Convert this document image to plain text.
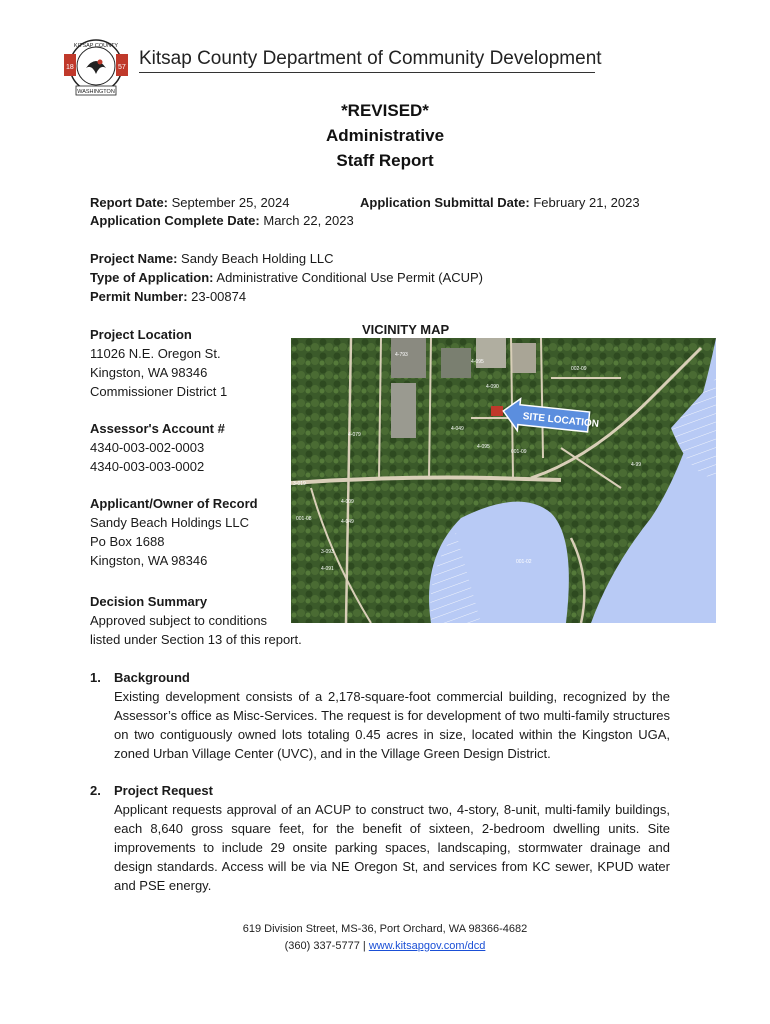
18	57
KITSAP COUNTY
WASHINGTON
Kitsap County Department of Community Development
*REVISED*
Administrative
Staff Report
Report Date: September 25, 2024	Application Submittal Date: February 21, 2023
Application Complete Date: March 22, 2023
Project Name: Sandy Beach Holding LLC
Type of Application: Administrative Conditional Use Permit (ACUP)
Permit Number: 23-00874
Project Location
11026 N.E. Oregon St.
Kingston, WA 98346
Commissioner District 1
Assessor's Account #
4340-003-002-0003
4340-003-003-0002
Applicant/Owner of Record
Sandy Beach Holdings LLC
Po Box 1688
Kingston, WA 98346
Decision Summary
Approved subject to conditions
listed under Section 13 of this report.
VICINITY MAP
4-793
4-095
4-049
4-079
4-095
4-090
3-019
4-009
4-049
001-08
3-093
4-091
001-09
001-02
002-09
4-99
SITE LOCATION
1. Background
Existing development consists of a 2,178-square-foot commercial building, recognized by the Assessor’s office as Misc-Services. The request is for development of two multi-family structures on two contiguously owned lots totaling 0.45 acres in size, located within the Kingston UGA, zoned Urban Village Center (UVC), and in the Village Green Design District.
2. Project Request
Applicant requests approval of an ACUP to construct two, 4-story, 8-unit, multi-family buildings, each 8,640 gross square feet, for the benefit of sixteen, 2-bedroom dwelling units. Site improvements to include 29 onsite parking spaces, landscaping, stormwater drainage and design standards. Access will be via NE Oregon St, and services from KC sewer, KPUD water and PSE energy.
619 Division Street, MS-36, Port Orchard, WA 98366-4682
(360) 337-5777 | www.kitsapgov.com/dcd
